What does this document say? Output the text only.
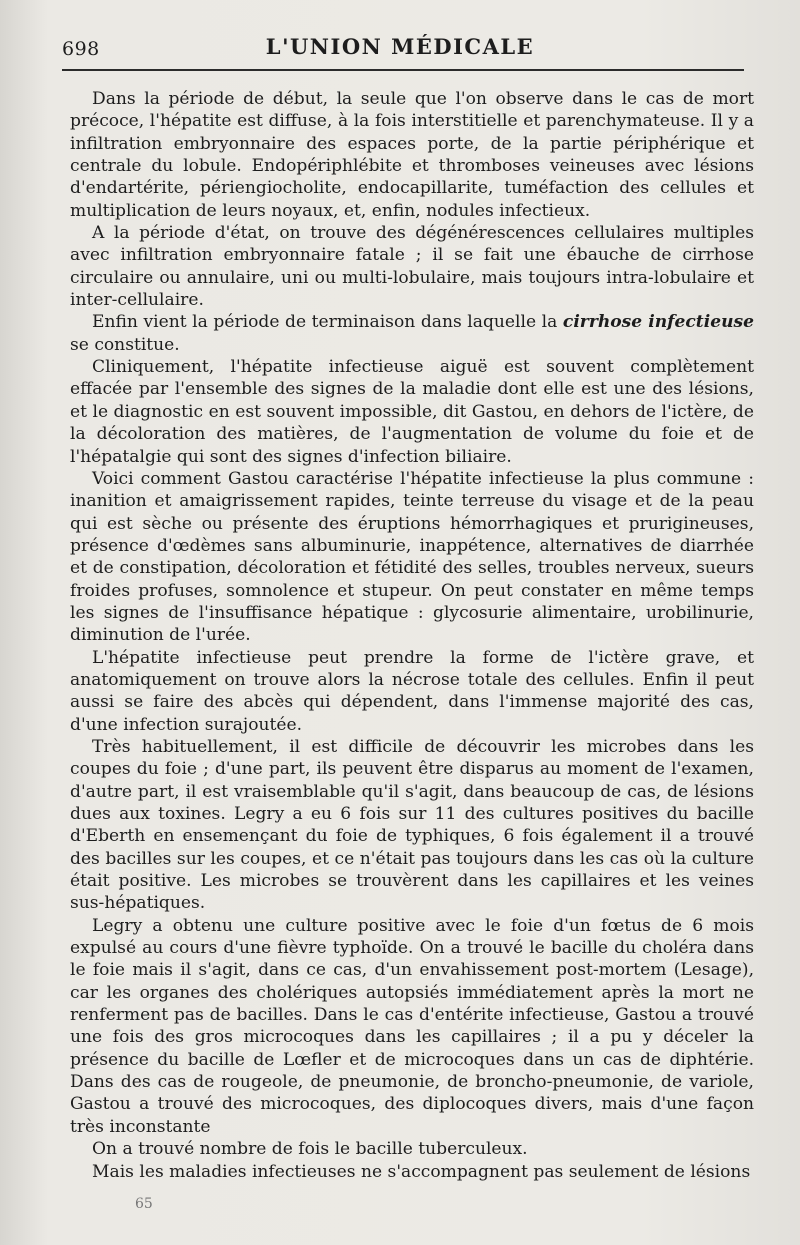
698	L'UNION MÉDICALE

Dans la période de début, la seule que l'on observe dans le cas de mort précoce, l'hépatite est diffuse, à la fois interstitielle et parenchymateuse. Il y a infiltration embryonnaire des espaces porte, de la partie périphérique et centrale du lobule. Endopériphlébite et thromboses veineuses avec lésions d'endartérite, périengiocholite, endocapillarite, tuméfaction des cellules et multiplication de leurs noyaux, et, enfin, nodules infectieux.

A la période d'état, on trouve des dégénérescences cellulaires multiples avec infiltration embryonnaire fatale ; il se fait une ébauche de cirrhose circulaire ou annulaire, uni ou multi-lobulaire, mais toujours intra-lobulaire et inter-cellulaire.

Enfin vient la période de terminaison dans laquelle la cirrhose infectieuse se constitue.

Cliniquement, l'hépatite infectieuse aiguë est souvent complètement effacée par l'ensemble des signes de la maladie dont elle est une des lésions, et le diagnostic en est souvent impossible, dit Gastou, en dehors de l'ictère, de la décoloration des matières, de l'augmentation de volume du foie et de l'hépatalgie qui sont des signes d'infection biliaire.

Voici comment Gastou caractérise l'hépatite infectieuse la plus commune : inanition et amaigrissement rapides, teinte terreuse du visage et de la peau qui est sèche ou présente des éruptions hémorrhagiques et prurigineuses, présence d'œdèmes sans albuminurie, inappétence, alternatives de diarrhée et de constipation, décoloration et fétidité des selles, troubles nerveux, sueurs froides profuses, somnolence et stupeur. On peut constater en même temps les signes de l'insuffisance hépatique : glycosurie alimentaire, urobilinurie, diminution de l'urée.

L'hépatite infectieuse peut prendre la forme de l'ictère grave, et anatomiquement on trouve alors la nécrose totale des cellules. Enfin il peut aussi se faire des abcès qui dépendent, dans l'immense majorité des cas, d'une infection surajoutée.

Très habituellement, il est difficile de découvrir les microbes dans les coupes du foie ; d'une part, ils peuvent être disparus au moment de l'examen, d'autre part, il est vraisemblable qu'il s'agit, dans beaucoup de cas, de lésions dues aux toxines. Legry a eu 6 fois sur 11 des cultures positives du bacille d'Eberth en ensemençant du foie de typhiques, 6 fois également il a trouvé des bacilles sur les coupes, et ce n'était pas toujours dans les cas où la culture était positive. Les microbes se trouvèrent dans les capillaires et les veines sus-hépatiques.

Legry a obtenu une culture positive avec le foie d'un fœtus de 6 mois expulsé au cours d'une fièvre typhoïde. On a trouvé le bacille du choléra dans le foie mais il s'agit, dans ce cas, d'un envahissement post-mortem (Lesage), car les organes des cholériques autopsiés immédiatement après la mort ne renferment pas de bacilles. Dans le cas d'entérite infectieuse, Gastou a trouvé une fois des gros microcoques dans les capillaires ; il a pu y déceler la présence du bacille de Lœfler et de microcoques dans un cas de diphtérie. Dans des cas de rougeole, de pneumonie, de broncho-pneumonie, de variole, Gastou a trouvé des microcoques, des diplocoques divers, mais d'une façon très inconstante

On a trouvé nombre de fois le bacille tuberculeux.

Mais les maladies infectieuses ne s'accompagnent pas seulement de lésions

65
